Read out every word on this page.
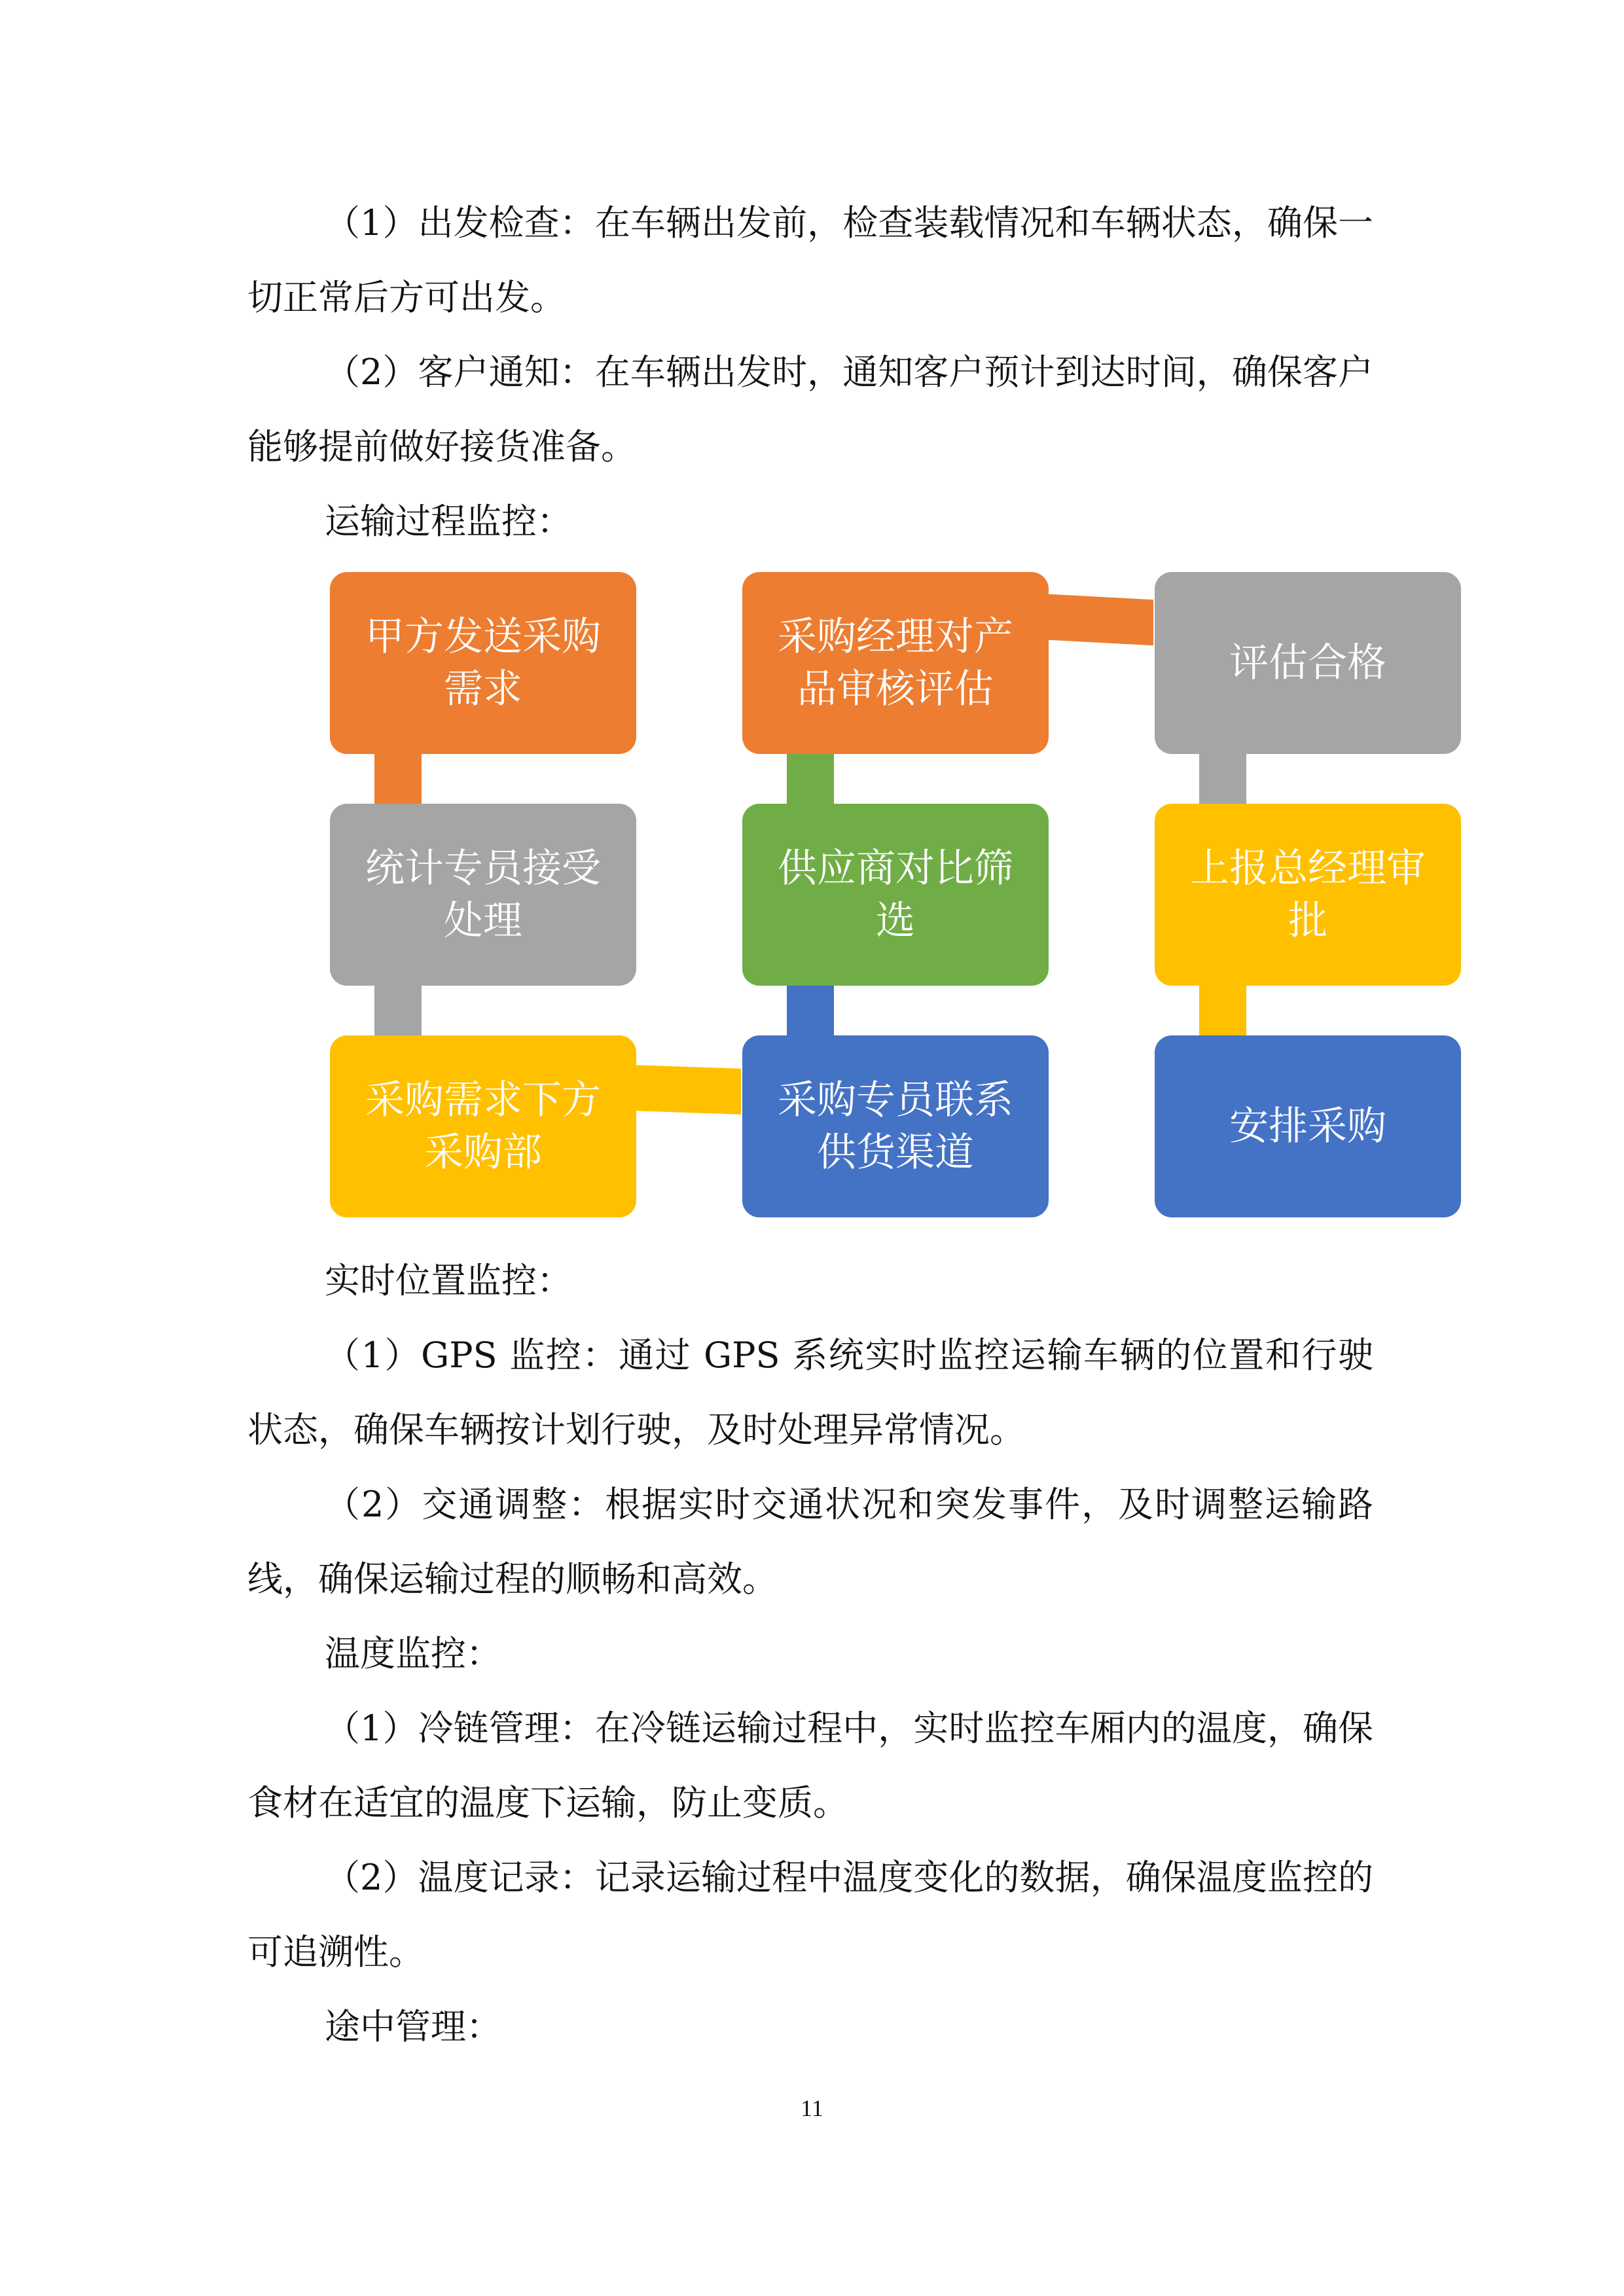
（1）出发检查：在车辆出发前，检查装载情况和车辆状态，确保一切正常后方可出发。

（2）客户通知：在车辆出发时，通知客户预计到达时间，确保客户能够提前做好接货准备。

运输过程监控：

甲方发送采购需求
统计专员接受处理
采购需求下方采购部
采购专员联系供货渠道
供应商对比筛选
采购经理对产品审核评估
评估合格
上报总经理审批
安排采购

实时位置监控：

（1）GPS 监控：通过 GPS 系统实时监控运输车辆的位置和行驶状态，确保车辆按计划行驶，及时处理异常情况。

（2）交通调整：根据实时交通状况和突发事件，及时调整运输路线，确保运输过程的顺畅和高效。

温度监控：

（1）冷链管理：在冷链运输过程中，实时监控车厢内的温度，确保食材在适宜的温度下运输，防止变质。

（2）温度记录：记录运输过程中温度变化的数据，确保温度监控的可追溯性。

途中管理：

11
